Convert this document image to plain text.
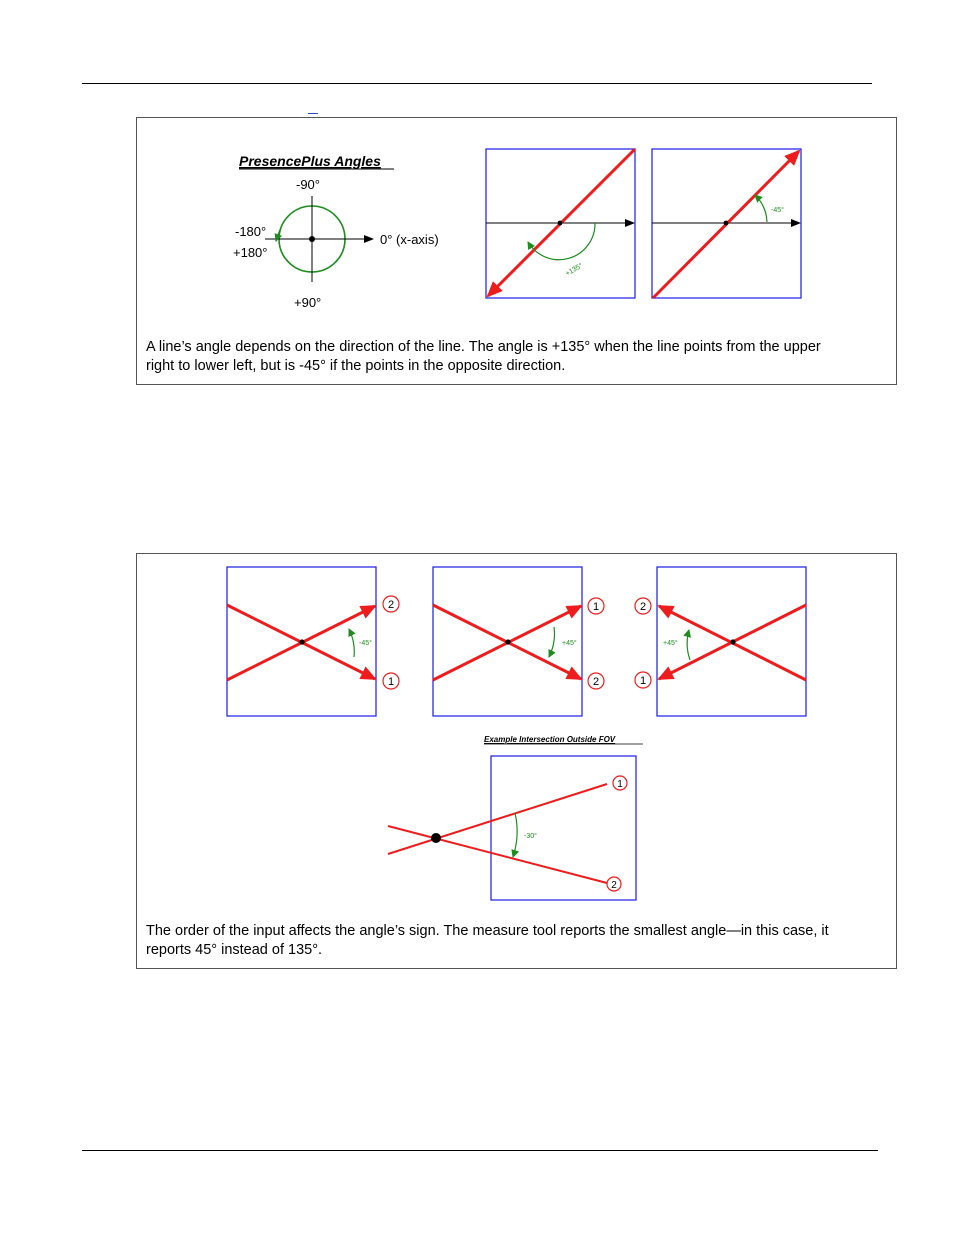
PresencePlus Angles
-90°
+90°
-180°
+180°
0° (x-axis)
+135°
-45°
A line’s angle depends on the direction of the line. The angle is +135° when the line points from the upper
right to lower left, but is -45° if the points in the opposite direction.
-45°
2
1
+45°
1
2
+45°
2
1
Example Intersection Outside FOV
-30°
1
2
The order of the input affects the angle’s sign. The measure tool reports the smallest angle—in this case, it
reports 45° instead of 135°.
